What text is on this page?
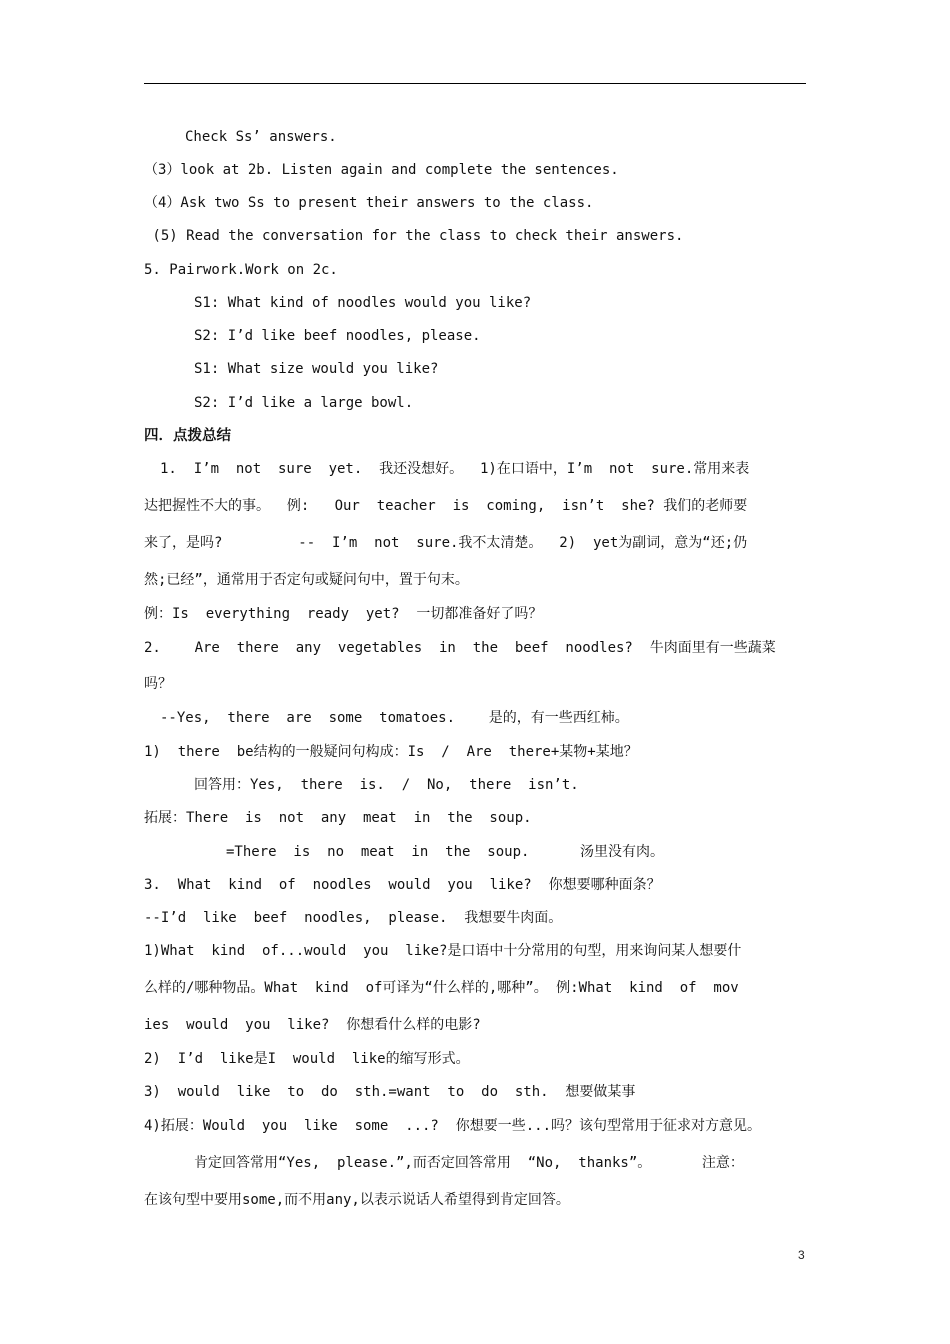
Check Ss’ answers.
（3）look at 2b. Listen again and complete the sentences.
（4）Ask two Ss to present their answers to the class.
(5) Read the conversation for the class to check their answers.
5. Pairwork.Work on 2c.
S1: What kind of noodles would you like?
S2: I’d like beef noodles, please.
S1: What size would you like?
S2: I’d like a large bowl.
四．点拨总结
1.  I’m  not  sure  yet.  我还没想好。  1)在口语中，I’m  not  sure.常用来表
达把握性不大的事。  例:   Our  teacher  is  coming,  isn’t  she? 我们的老师要
来了，是吗?         --  I’m  not  sure.我不太清楚。  2)  yet为副词，意为“还;仍
然;已经”，通常用于否定句或疑问句中，置于句末。
例：Is  everything  ready  yet?  一切都准备好了吗？
2.    Are  there  any  vegetables  in  the  beef  noodles?  牛肉面里有一些蔬菜
吗？
--Yes,  there  are  some  tomatoes.    是的，有一些西红柿。
1)  there  be结构的一般疑问句构成：Is  /  Are  there+某物+某地？
回答用：Yes,  there  is.  /  No,  there  isn’t.
拓展：There  is  not  any  meat  in  the  soup.
=There  is  no  meat  in  the  soup.      汤里没有肉。
3.  What  kind  of  noodles  would  you  like?  你想要哪种面条？
--I’d  like  beef  noodles,  please.  我想要牛肉面。
1)What  kind  of...would  you  like?是口语中十分常用的句型，用来询问某人想要什
么样的/哪种物品。What  kind  of可译为“什么样的,哪种”。 例:What  kind  of  mov
ies  would  you  like?  你想看什么样的电影?
2)  I’d  like是I  would  like的缩写形式。
3)  would  like  to  do  sth.=want  to  do  sth.  想要做某事
4)拓展：Would  you  like  some  ...?  你想要一些...吗？该句型常用于征求对方意见。
肯定回答常用“Yes,  please.”,而否定回答常用  “No,  thanks”。      注意：
在该句型中要用some,而不用any,以表示说话人希望得到肯定回答。
3
